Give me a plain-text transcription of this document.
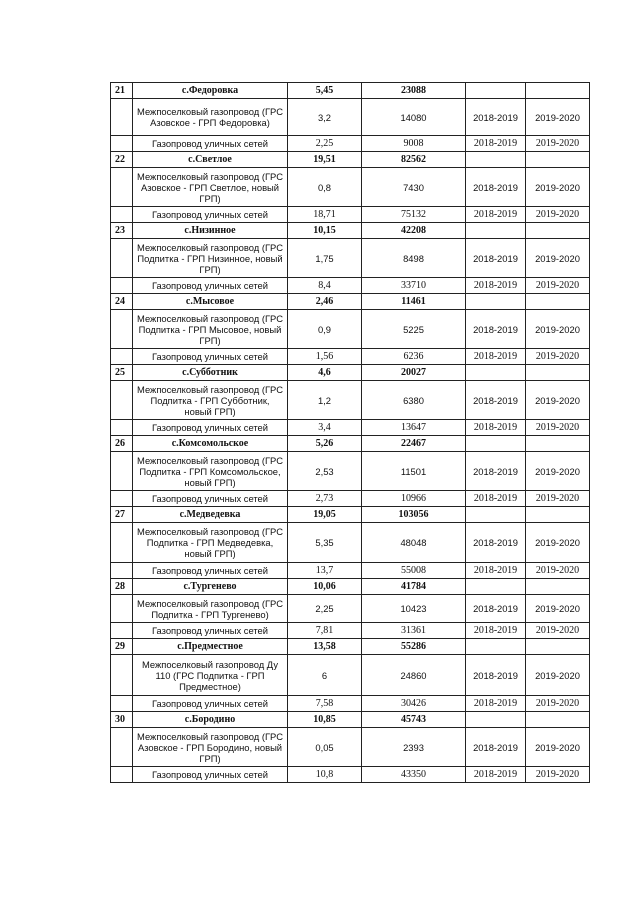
21	с.Федоровка	5,45	23088		
	Межпоселковый газопровод (ГРС Азовское - ГРП Федоровка)	3,2	14080	2018-2019	2019-2020
	Газопровод уличных сетей	2,25	9008	2018-2019	2019-2020
22	с.Светлое	19,51	82562		
	Межпоселковый газопровод (ГРС Азовское - ГРП Светлое, новый ГРП)	0,8	7430	2018-2019	2019-2020
	Газопровод уличных сетей	18,71	75132	2018-2019	2019-2020
23	с.Низинное	10,15	42208		
	Межпоселковый газопровод (ГРС Подпитка - ГРП Низинное, новый ГРП)	1,75	8498	2018-2019	2019-2020
	Газопровод уличных сетей	8,4	33710	2018-2019	2019-2020
24	с.Мысовое	2,46	11461		
	Межпоселковый газопровод (ГРС Подпитка - ГРП Мысовое, новый ГРП)	0,9	5225	2018-2019	2019-2020
	Газопровод уличных сетей	1,56	6236	2018-2019	2019-2020
25	с.Субботник	4,6	20027		
	Межпоселковый газопровод (ГРС Подпитка - ГРП Субботник, новый ГРП)	1,2	6380	2018-2019	2019-2020
	Газопровод уличных сетей	3,4	13647	2018-2019	2019-2020
26	с.Комсомольское	5,26	22467		
	Межпоселковый газопровод (ГРС Подпитка - ГРП Комсомольское, новый ГРП)	2,53	11501	2018-2019	2019-2020
	Газопровод уличных сетей	2,73	10966	2018-2019	2019-2020
27	с.Медведевка	19,05	103056		
	Межпоселковый газопровод (ГРС Подпитка - ГРП Медведевка, новый ГРП)	5,35	48048	2018-2019	2019-2020
	Газопровод уличных сетей	13,7	55008	2018-2019	2019-2020
28	с.Тургенево	10,06	41784		
	Межпоселковый газопровод (ГРС Подпитка - ГРП Тургенево)	2,25	10423	2018-2019	2019-2020
	Газопровод уличных сетей	7,81	31361	2018-2019	2019-2020
29	с.Предместное	13,58	55286		
	Межпоселковый газопровод Ду 110 (ГРС Подпитка - ГРП Предместное)	6	24860	2018-2019	2019-2020
	Газопровод уличных сетей	7,58	30426	2018-2019	2019-2020
30	с.Бородино	10,85	45743		
	Межпоселковый газопровод (ГРС Азовское - ГРП Бородино, новый ГРП)	0,05	2393	2018-2019	2019-2020
	Газопровод уличных сетей	10,8	43350	2018-2019	2019-2020
